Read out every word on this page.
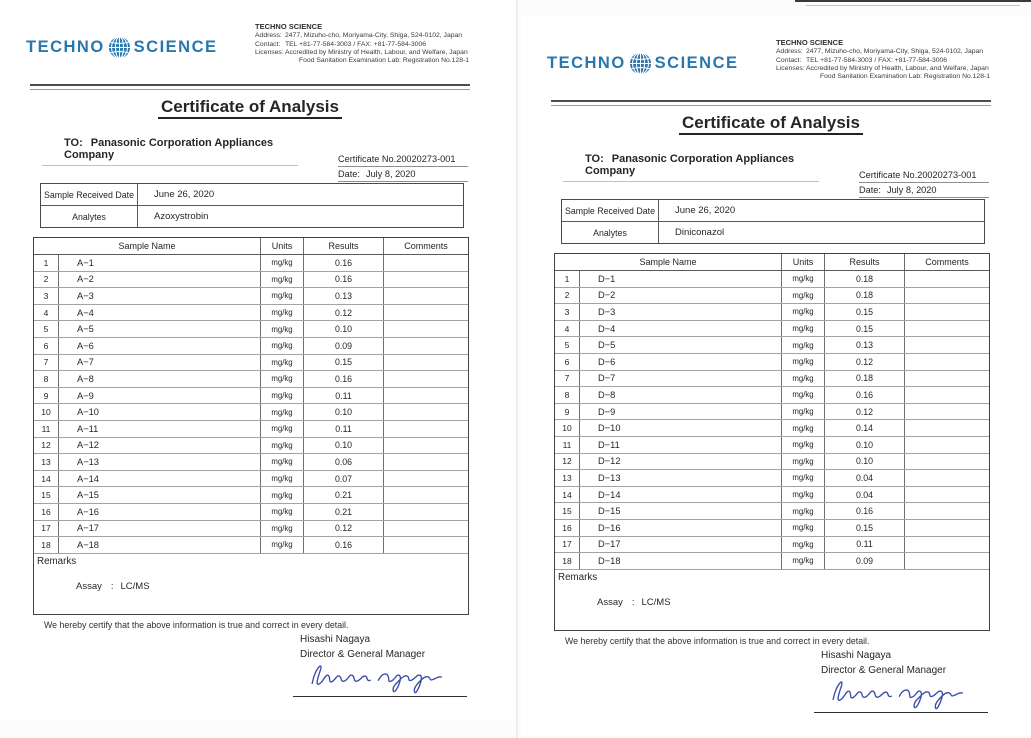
TECHNO SCIENCE
TECHNO SCIENCE
Address: 2477, Mizuho-cho, Moriyama-City, Shiga, 524-0102, Japan
Contact: TEL +81-77-584-3003 / FAX: +81-77-584-3006
Licenses: Accredited by Ministry of Health, Labour, and Welfare, Japan
Food Sanitation Examination Lab: Registration No.128-1
Certificate of Analysis
TO: Panasonic Corporation Appliances Company	Certificate No.20020273-001
Date: July 8, 2020
Sample Received Date	June 26, 2020
Analytes	Azoxystrobin
Sample Name	Units	Results	Comments
1	A−1	mg/kg	0.16
2	A−2	mg/kg	0.16
3	A−3	mg/kg	0.13
4	A−4	mg/kg	0.12
5	A−5	mg/kg	0.10
6	A−6	mg/kg	0.09
7	A−7	mg/kg	0.15
8	A−8	mg/kg	0.16
9	A−9	mg/kg	0.11
10	A−10	mg/kg	0.10
11	A−11	mg/kg	0.11
12	A−12	mg/kg	0.10
13	A−13	mg/kg	0.06
14	A−14	mg/kg	0.07
15	A−15	mg/kg	0.21
16	A−16	mg/kg	0.21
17	A−17	mg/kg	0.12
18	A−18	mg/kg	0.16
Remarks
Assay : LC/MS
We hereby certify that the above information is true and correct in every detail.
Hisashi Nagaya
Director & General Manager
TECHNO SCIENCE
TECHNO SCIENCE
Address: 2477, Mizuho-cho, Moriyama-City, Shiga, 524-0102, Japan
Contact: TEL +81-77-584-3003 / FAX: +81-77-584-3006
Licenses: Accredited by Ministry of Health, Labour, and Welfare, Japan
Food Sanitation Examination Lab: Registration No.128-1
Certificate of Analysis
TO: Panasonic Corporation Appliances Company	Certificate No.20020273-001
Date: July 8, 2020
Sample Received Date	June 26, 2020
Analytes	Diniconazol
Sample Name	Units	Results	Comments
1	D−1	mg/kg	0.18
2	D−2	mg/kg	0.18
3	D−3	mg/kg	0.15
4	D−4	mg/kg	0.15
5	D−5	mg/kg	0.13
6	D−6	mg/kg	0.12
7	D−7	mg/kg	0.18
8	D−8	mg/kg	0.16
9	D−9	mg/kg	0.12
10	D−10	mg/kg	0.14
11	D−11	mg/kg	0.10
12	D−12	mg/kg	0.10
13	D−13	mg/kg	0.04
14	D−14	mg/kg	0.04
15	D−15	mg/kg	0.16
16	D−16	mg/kg	0.15
17	D−17	mg/kg	0.11
18	D−18	mg/kg	0.09
Remarks
Assay : LC/MS
We hereby certify that the above information is true and correct in every detail.
Hisashi Nagaya
Director & General Manager
